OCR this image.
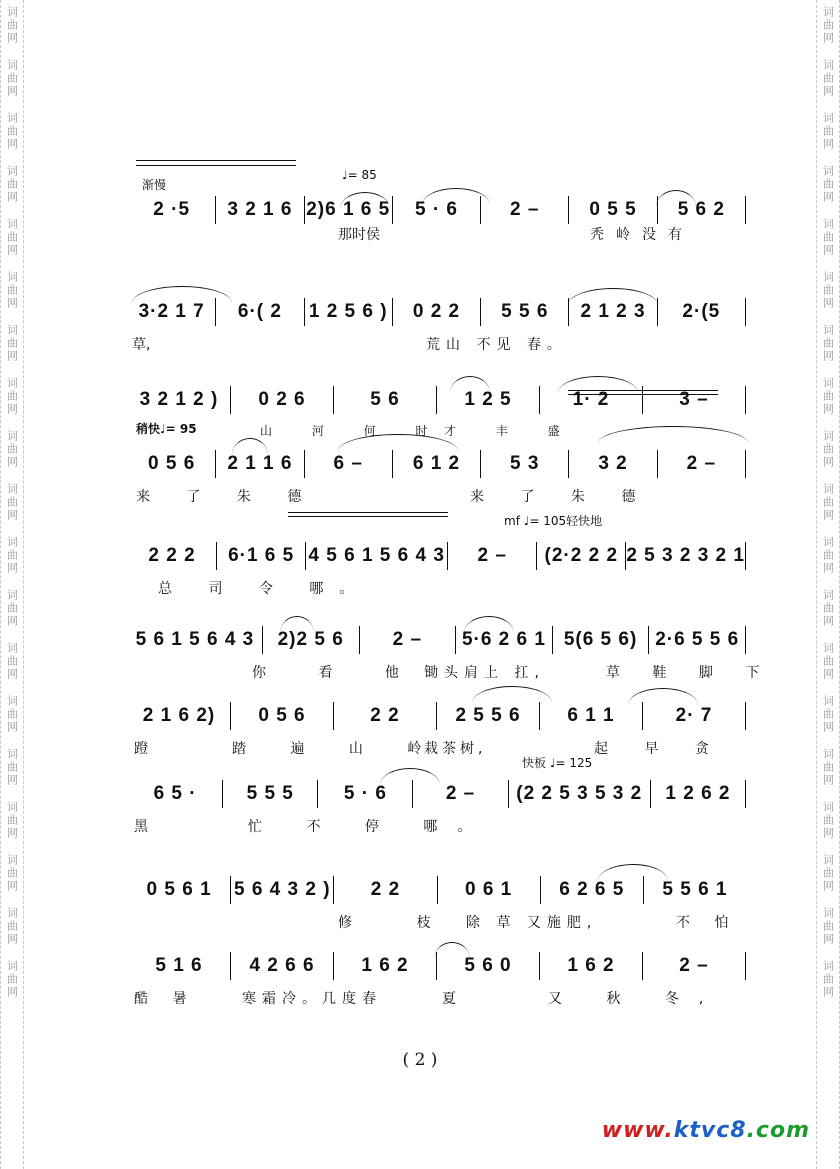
词曲网
词曲网
词曲网
词曲网
词曲网
词曲网
词曲网
词曲网
词曲网
词曲网
词曲网
词曲网
词曲网
词曲网
词曲网
词曲网
词曲网
词曲网
词曲网
词曲网
词曲网
词曲网
词曲网
词曲网
词曲网
词曲网
词曲网
词曲网
词曲网
词曲网
词曲网
词曲网
词曲网
词曲网
词曲网
词曲网
词曲网
词曲网
渐慢
♩= 85
2 ·5	3 2 1 6 2)6 1 6 5	5 · 6	2 –	0 5 5	5 6 2
那时侯	秃岭没有
3·2 1 7	6·( 2	1 2 5 6 )	0 2 2	5 5 6	2 1 2 3	2·(5
草,	荒山 不见 春。
3 2 1 2 )	0 2 6	5 6	1 2 5	1· 2	3 –
山 河 何 时
才 丰 盛
稍快♩= 95
0 5 6	2 1 1 6	6 –	6 1 2	5 3	3 2	2 –
来 了 朱 德	来 了 朱 德
mf ♩= 105轻快地
2 2 2	6·1 6 5 4 5 6 1 5 6 4 3	2 –	(2·2 2 2 2 5 3 2 3 2 1
总 司 令 哪。
5 6 1 5 6 4 3	2)2 5 6	2 –	5·6 2 6 1 5(6 5 6) 2·6 5 5 6
你 看 他 锄头肩上 扛,	草 鞋 脚 下
2 1 6 2)	0 5 6	2 2	2 5 5 6	6 1 1	2· 7
蹬	踏 遍 山 岭
栽茶树,	起 早 贪
快板 ♩= 125
6 5 ·	5 5 5	5 · 6	2 –	(2 2 5 3 5 3 2	1 2 6 2
黑	忙 不 停 哪。
0 5 6 1	5 6 4 3 2 )	2 2	0 6 1	6 2 6 5	5 5 6 1
修 枝 除 草 又施肥,	不 怕
5 1 6	4 2 6 6	1 6 2	5 6 0	1 6 2	2 –
酷 暑	寒霜冷。几度春	夏	又 秋 冬,
( 2 )
www.ktvc8.com
